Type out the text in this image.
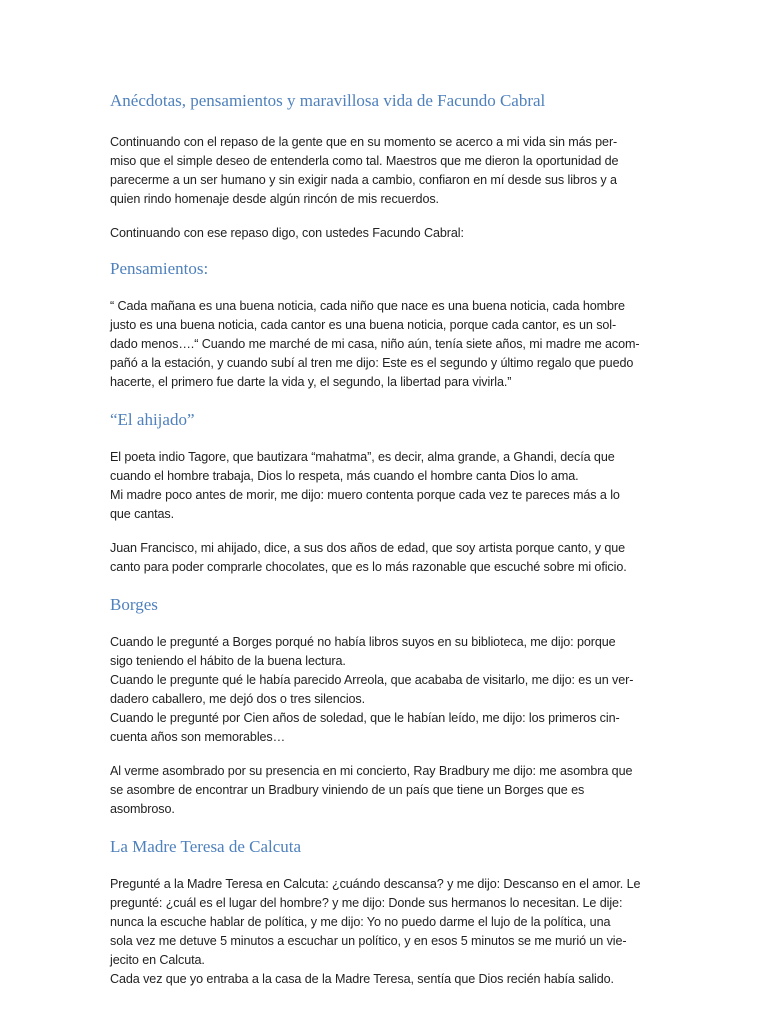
Anécdotas, pensamientos y maravillosa vida de Facundo Cabral

Continuando con el repaso de la gente que en su momento se acerco a mi vida sin más per-
miso que el simple deseo de entenderla como tal. Maestros que me dieron la oportunidad de
parecerme a un ser humano y sin exigir nada a cambio, confiaron en mí desde sus libros y a
quien rindo homenaje desde algún rincón de mis recuerdos.

Continuando con ese repaso digo, con ustedes Facundo Cabral:

Pensamientos:

“ Cada mañana es una buena noticia, cada niño que nace es una buena noticia, cada hombre
justo es una buena noticia, cada cantor es una buena noticia, porque cada cantor, es un sol-
dado menos….“ Cuando me marché de mi casa, niño aún, tenía siete años, mi madre me acom-
pañó a la estación, y cuando subí al tren me dijo: Este es el segundo y último regalo que puedo
hacerte, el primero fue darte la vida y, el segundo, la libertad para vivirla.”

“El ahijado”

El poeta indio Tagore, que bautizara “mahatma”, es decir, alma grande, a Ghandi, decía que
cuando el hombre trabaja, Dios lo respeta, más cuando el hombre canta Dios lo ama.
Mi madre poco antes de morir, me dijo: muero contenta porque cada vez te pareces más a lo
que cantas.

Juan Francisco, mi ahijado, dice, a sus dos años de edad, que soy artista porque canto, y que
canto para poder comprarle chocolates, que es lo más razonable que escuché sobre mi oficio.

Borges

Cuando le pregunté a Borges porqué no había libros suyos en su biblioteca, me dijo: porque
sigo teniendo el hábito de la buena lectura.
Cuando le pregunte qué le había parecido Arreola, que acababa de visitarlo, me dijo: es un ver-
dadero caballero, me dejó dos o tres silencios.
Cuando le pregunté por Cien años de soledad, que le habían leído, me dijo: los primeros cin-
cuenta años son memorables…

Al verme asombrado por su presencia en mi concierto, Ray Bradbury me dijo: me asombra que
se asombre de encontrar un Bradbury viniendo de un país que tiene un Borges que es
asombroso.

La Madre Teresa de Calcuta

Pregunté a la Madre Teresa en Calcuta: ¿cuándo descansa? y me dijo: Descanso en el amor. Le
pregunté: ¿cuál es el lugar del hombre? y me dijo: Donde sus hermanos lo necesitan. Le dije:
nunca la escuche hablar de política, y me dijo: Yo no puedo darme el lujo de la política, una
sola vez me detuve 5 minutos a escuchar un político, y en esos 5 minutos se me murió un vie-
jecito en Calcuta.
Cada vez que yo entraba a la casa de la Madre Teresa, sentía que Dios recién había salido.
